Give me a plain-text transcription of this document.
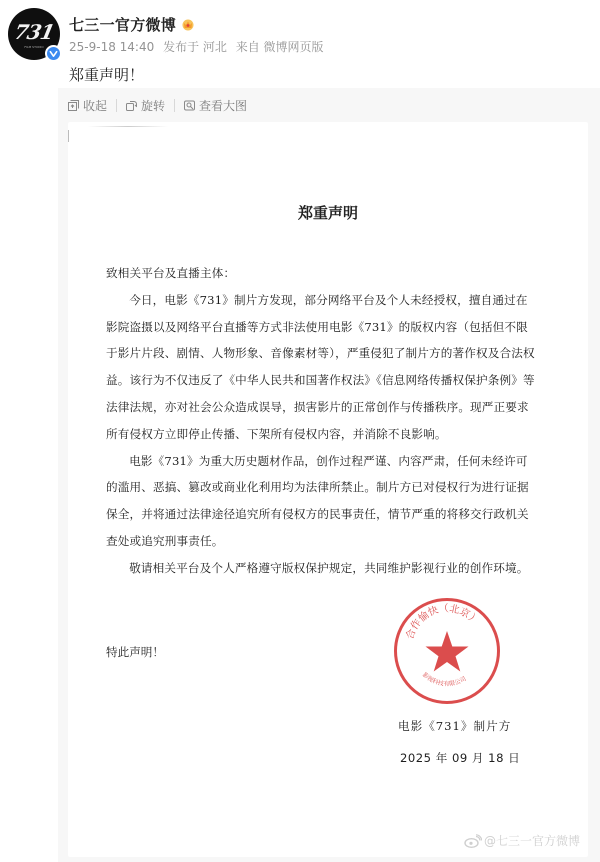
731
FILM STUDIO
七三一官方微博
25-9-18 14:40 发布于 河北 来自 微博网页版
郑重声明！
收起	旋转	查看大图
郑重声明

致相关平台及直播主体：

今日，电影《731》制片方发现，部分网络平台及个人未经授权，擅自通过在影院盗摄以及网络平台直播等方式非法使用电影《731》的版权内容（包括但不限于影片片段、剧情、人物形象、音像素材等），严重侵犯了制片方的著作权及合法权益。该行为不仅违反了《中华人民共和国著作权法》《信息网络传播权保护条例》等法律法规，亦对社会公众造成误导，损害影片的正常创作与传播秩序。现严正要求所有侵权方立即停止传播、下架所有侵权内容，并消除不良影响。

电影《731》为重大历史题材作品，创作过程严谨、内容严肃，任何未经许可的滥用、恶搞、篡改或商业化利用均为法律所禁止。制片方已对侵权行为进行证据保全，并将通过法律途径追究所有侵权方的民事责任，情节严重的将移交行政机关查处或追究刑事责任。

敬请相关平台及个人严格遵守版权保护规定，共同维护影视行业的创作环境。

特此声明！
合作愉快（北京）
影视科技有限公司
电影《731》制片方
2025 年 09 月 18 日
@七三一官方微博
